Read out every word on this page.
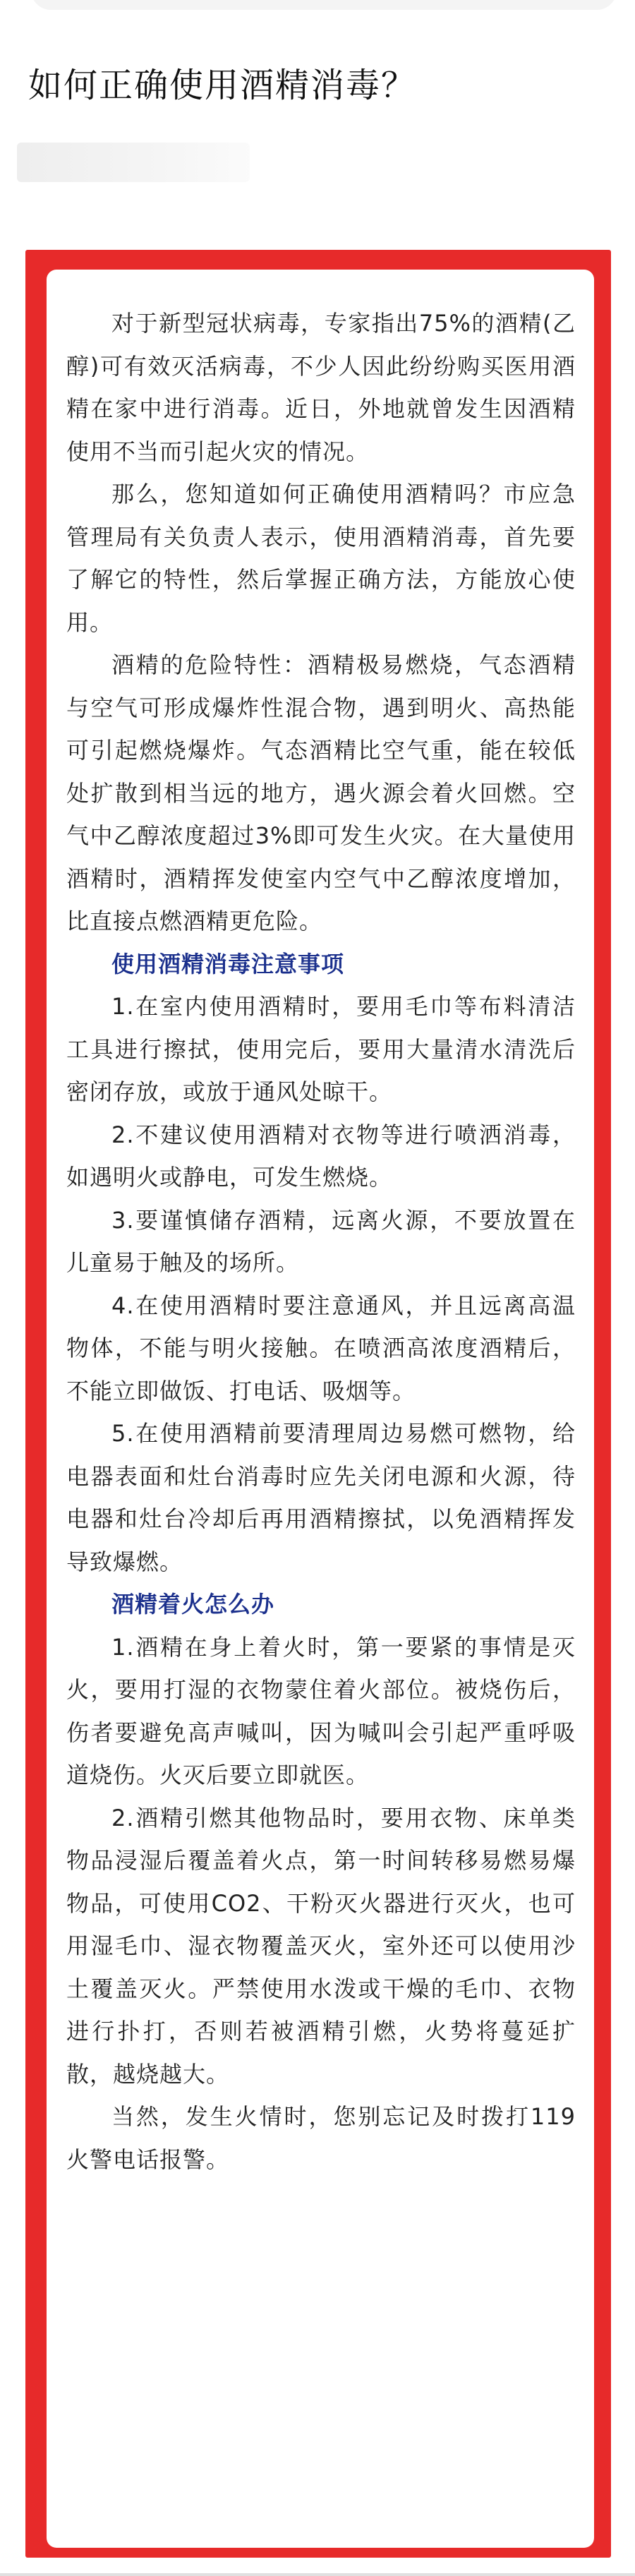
如何正确使用酒精消毒？

对于新型冠状病毒，专家指出75%的酒精(乙醇)可有效灭活病毒，不少人因此纷纷购买医用酒精在家中进行消毒。近日，外地就曾发生因酒精使用不当而引起火灾的情况。

那么，您知道如何正确使用酒精吗？市应急管理局有关负责人表示，使用酒精消毒，首先要了解它的特性，然后掌握正确方法，方能放心使用。

酒精的危险特性：酒精极易燃烧，气态酒精与空气可形成爆炸性混合物，遇到明火、高热能可引起燃烧爆炸。气态酒精比空气重，能在较低处扩散到相当远的地方，遇火源会着火回燃。空气中乙醇浓度超过3%即可发生火灾。在大量使用酒精时，酒精挥发使室内空气中乙醇浓度增加，比直接点燃酒精更危险。

使用酒精消毒注意事项

1.在室内使用酒精时，要用毛巾等布料清洁工具进行擦拭，使用完后，要用大量清水清洗后密闭存放，或放于通风处晾干。

2.不建议使用酒精对衣物等进行喷洒消毒，如遇明火或静电，可发生燃烧。

3.要谨慎储存酒精，远离火源，不要放置在儿童易于触及的场所。

4.在使用酒精时要注意通风，并且远离高温物体，不能与明火接触。在喷洒高浓度酒精后，不能立即做饭、打电话、吸烟等。

5.在使用酒精前要清理周边易燃可燃物，给电器表面和灶台消毒时应先关闭电源和火源，待电器和灶台冷却后再用酒精擦拭，以免酒精挥发导致爆燃。

酒精着火怎么办

1.酒精在身上着火时，第一要紧的事情是灭火，要用打湿的衣物蒙住着火部位。被烧伤后，伤者要避免高声喊叫，因为喊叫会引起严重呼吸道烧伤。火灭后要立即就医。

2.酒精引燃其他物品时，要用衣物、床单类物品浸湿后覆盖着火点，第一时间转移易燃易爆物品，可使用CO2、干粉灭火器进行灭火，也可用湿毛巾、湿衣物覆盖灭火，室外还可以使用沙土覆盖灭火。严禁使用水泼或干燥的毛巾、衣物进行扑打，否则若被酒精引燃，火势将蔓延扩散，越烧越大。

当然，发生火情时，您别忘记及时拨打119火警电话报警。
